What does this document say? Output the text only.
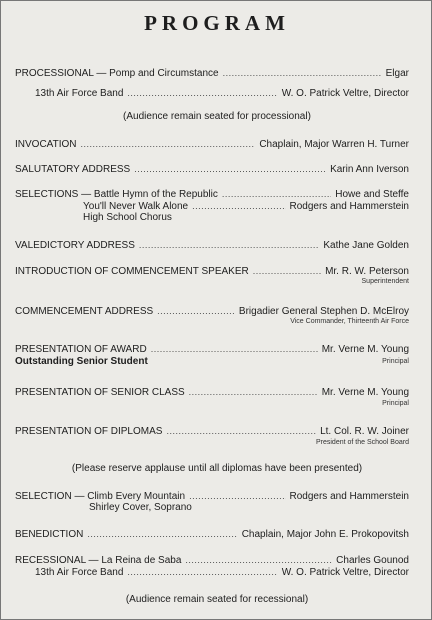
PROGRAM
PROCESSIONAL — Pomp and Circumstance .....	Elgar
13th Air Force Band .....	W. O. Patrick Veltre, Director
(Audience remain seated for processional)
INVOCATION .....	Chaplain, Major Warren H. Turner
SALUTATORY ADDRESS .....	Karin Ann Iverson
SELECTIONS — Battle Hymn of the Republic .....	Howe and Steffe
You'll Never Walk Alone .....	Rodgers and Hammerstein
High School Chorus
VALEDICTORY ADDRESS .....	Kathe Jane Golden
INTRODUCTION OF COMMENCEMENT SPEAKER .....	Mr. R. W. Peterson
Superintendent
COMMENCEMENT ADDRESS .....	Brigadier General Stephen D. McElroy
Vice Commander, Thirteenth Air Force
PRESENTATION OF AWARD .....	Mr. Verne M. Young
Outstanding Senior Student	Principal
PRESENTATION OF SENIOR CLASS .....	Mr. Verne M. Young
Principal
PRESENTATION OF DIPLOMAS .....	Lt. Col. R. W. Joiner
President of the School Board
(Please reserve applause until all diplomas have been presented)
SELECTION — Climb Every Mountain .....	Rodgers and Hammerstein
Shirley Cover, Soprano
BENEDICTION .....	Chaplain, Major John E. Prokopovitsh
RECESSIONAL — La Reina de Saba .....	Charles Gounod
13th Air Force Band .....	W. O. Patrick Veltre, Director
(Audience remain seated for recessional)
